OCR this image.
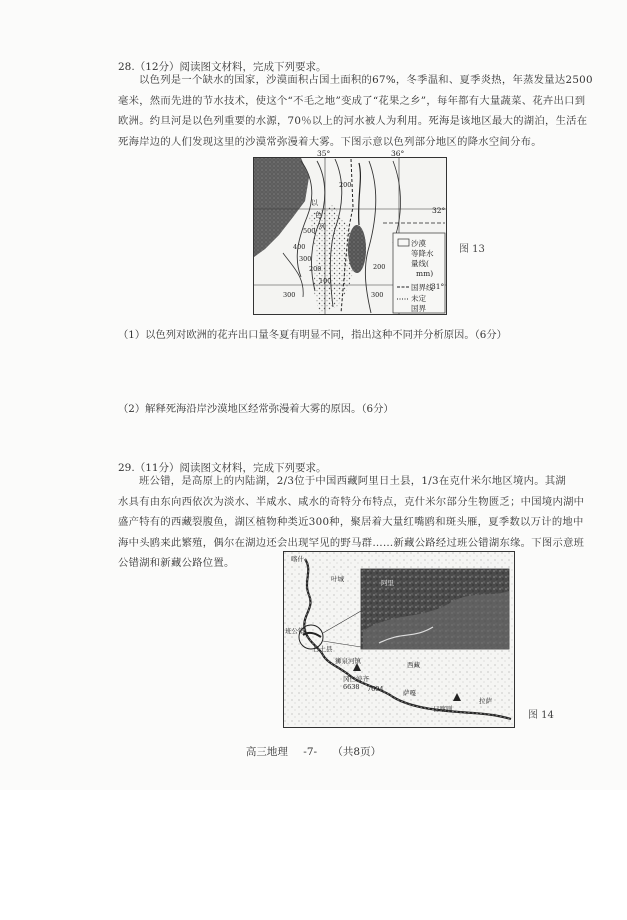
28.（12分）阅读图文材料，完成下列要求。
以色列是一个缺水的国家，沙漠面积占国土面积的67%，冬季温和、夏季炎热，年蒸发量达2500
毫米，然而先进的节水技术，使这个“不毛之地”变成了“花果之乡”，每年都有大量蔬菜、花卉出口到
欧洲。约旦河是以色列重要的水源，70％以上的河水被人为利用。死海是该地区最大的湖泊，生活在
死海岸边的人们发现这里的沙漠常弥漫着大雾。下图示意以色列部分地区的降水空间分布。
沙漠
等降水
量线(
mm)
国界线
未定
国界
35°	36°
32°
31°
500
400
300
200
100
200
300
300
200
以
色
列
图 13
（1）以色列对欧洲的花卉出口量冬夏有明显不同，指出这种不同并分析原因。（6分）
（2）解释死海沿岸沙漠地区经常弥漫着大雾的原因。（6分）
29.（11分）阅读图文材料，完成下列要求。
班公错，是高原上的内陆湖，2/3位于中国西藏阿里日土县，1/3在克什米尔地区境内。其湖
水具有由东向西依次为淡水、半咸水、咸水的奇特分布特点，克什米尔部分生物匮乏；中国境内湖中
盛产特有的西藏裂腹鱼，湖区植物种类近300种，聚居着大量红嘴鸥和斑头雁，夏季数以万计的地中
海中头鸥来此繁殖，偶尔在湖边还会出现罕见的野马群……新藏公路经过班公错湖东缘。下图示意班
公错湖和新藏公路位置。	喀什
叶城
日土县
班公错
狮泉河镇
阿里
西藏
冈仁波齐
6638
萨嘎
日喀则
拉萨
7694
图 14
高三地理 -7- （共8页）
